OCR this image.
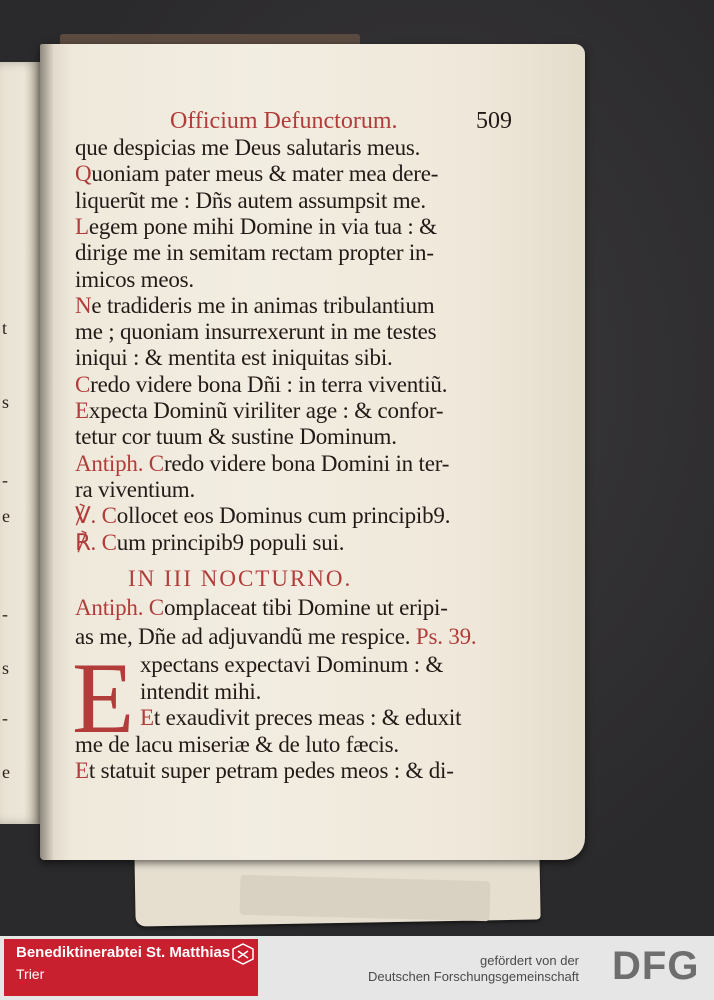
t
s
-
e
-
s
-
e
Officium Defunctorum.	509
que despicias me Deus salutaris meus.
Quoniam pater meus & mater mea dere-
liquerũt me : Dñs autem assumpsit me.
Legem pone mihi Domine in via tua : &
dirige me in semitam rectam propter in-
imicos meos.
Ne tradideris me in animas tribulantium
me ; quoniam insurrexerunt in me testes
iniqui : & mentita est iniquitas sibi.
Credo videre bona Dñi : in terra viventiũ.
Expecta Dominũ viriliter age : & confor-
tetur cor tuum & sustine Dominum.
Antiph. Credo videre bona Domini in ter-
ra viventium.
℣. Collocet eos Dominus cum principib9.
℟. Cum principib9 populi sui.
IN III NOCTURNO.
Antiph. Complaceat tibi Domine ut eripi-
as me, Dñe ad adjuvandũ me respice. Ps. 39.
E xpectans expectavi Dominum : &
intendit mihi.
Et exaudivit preces meas : & eduxit
me de lacu miseriæ & de luto fæcis.
Et statuit super petram pedes meos : & di-
Benediktinerabtei St. Matthias
Trier
gefördert von der
Deutschen Forschungsgemeinschaft DFG
